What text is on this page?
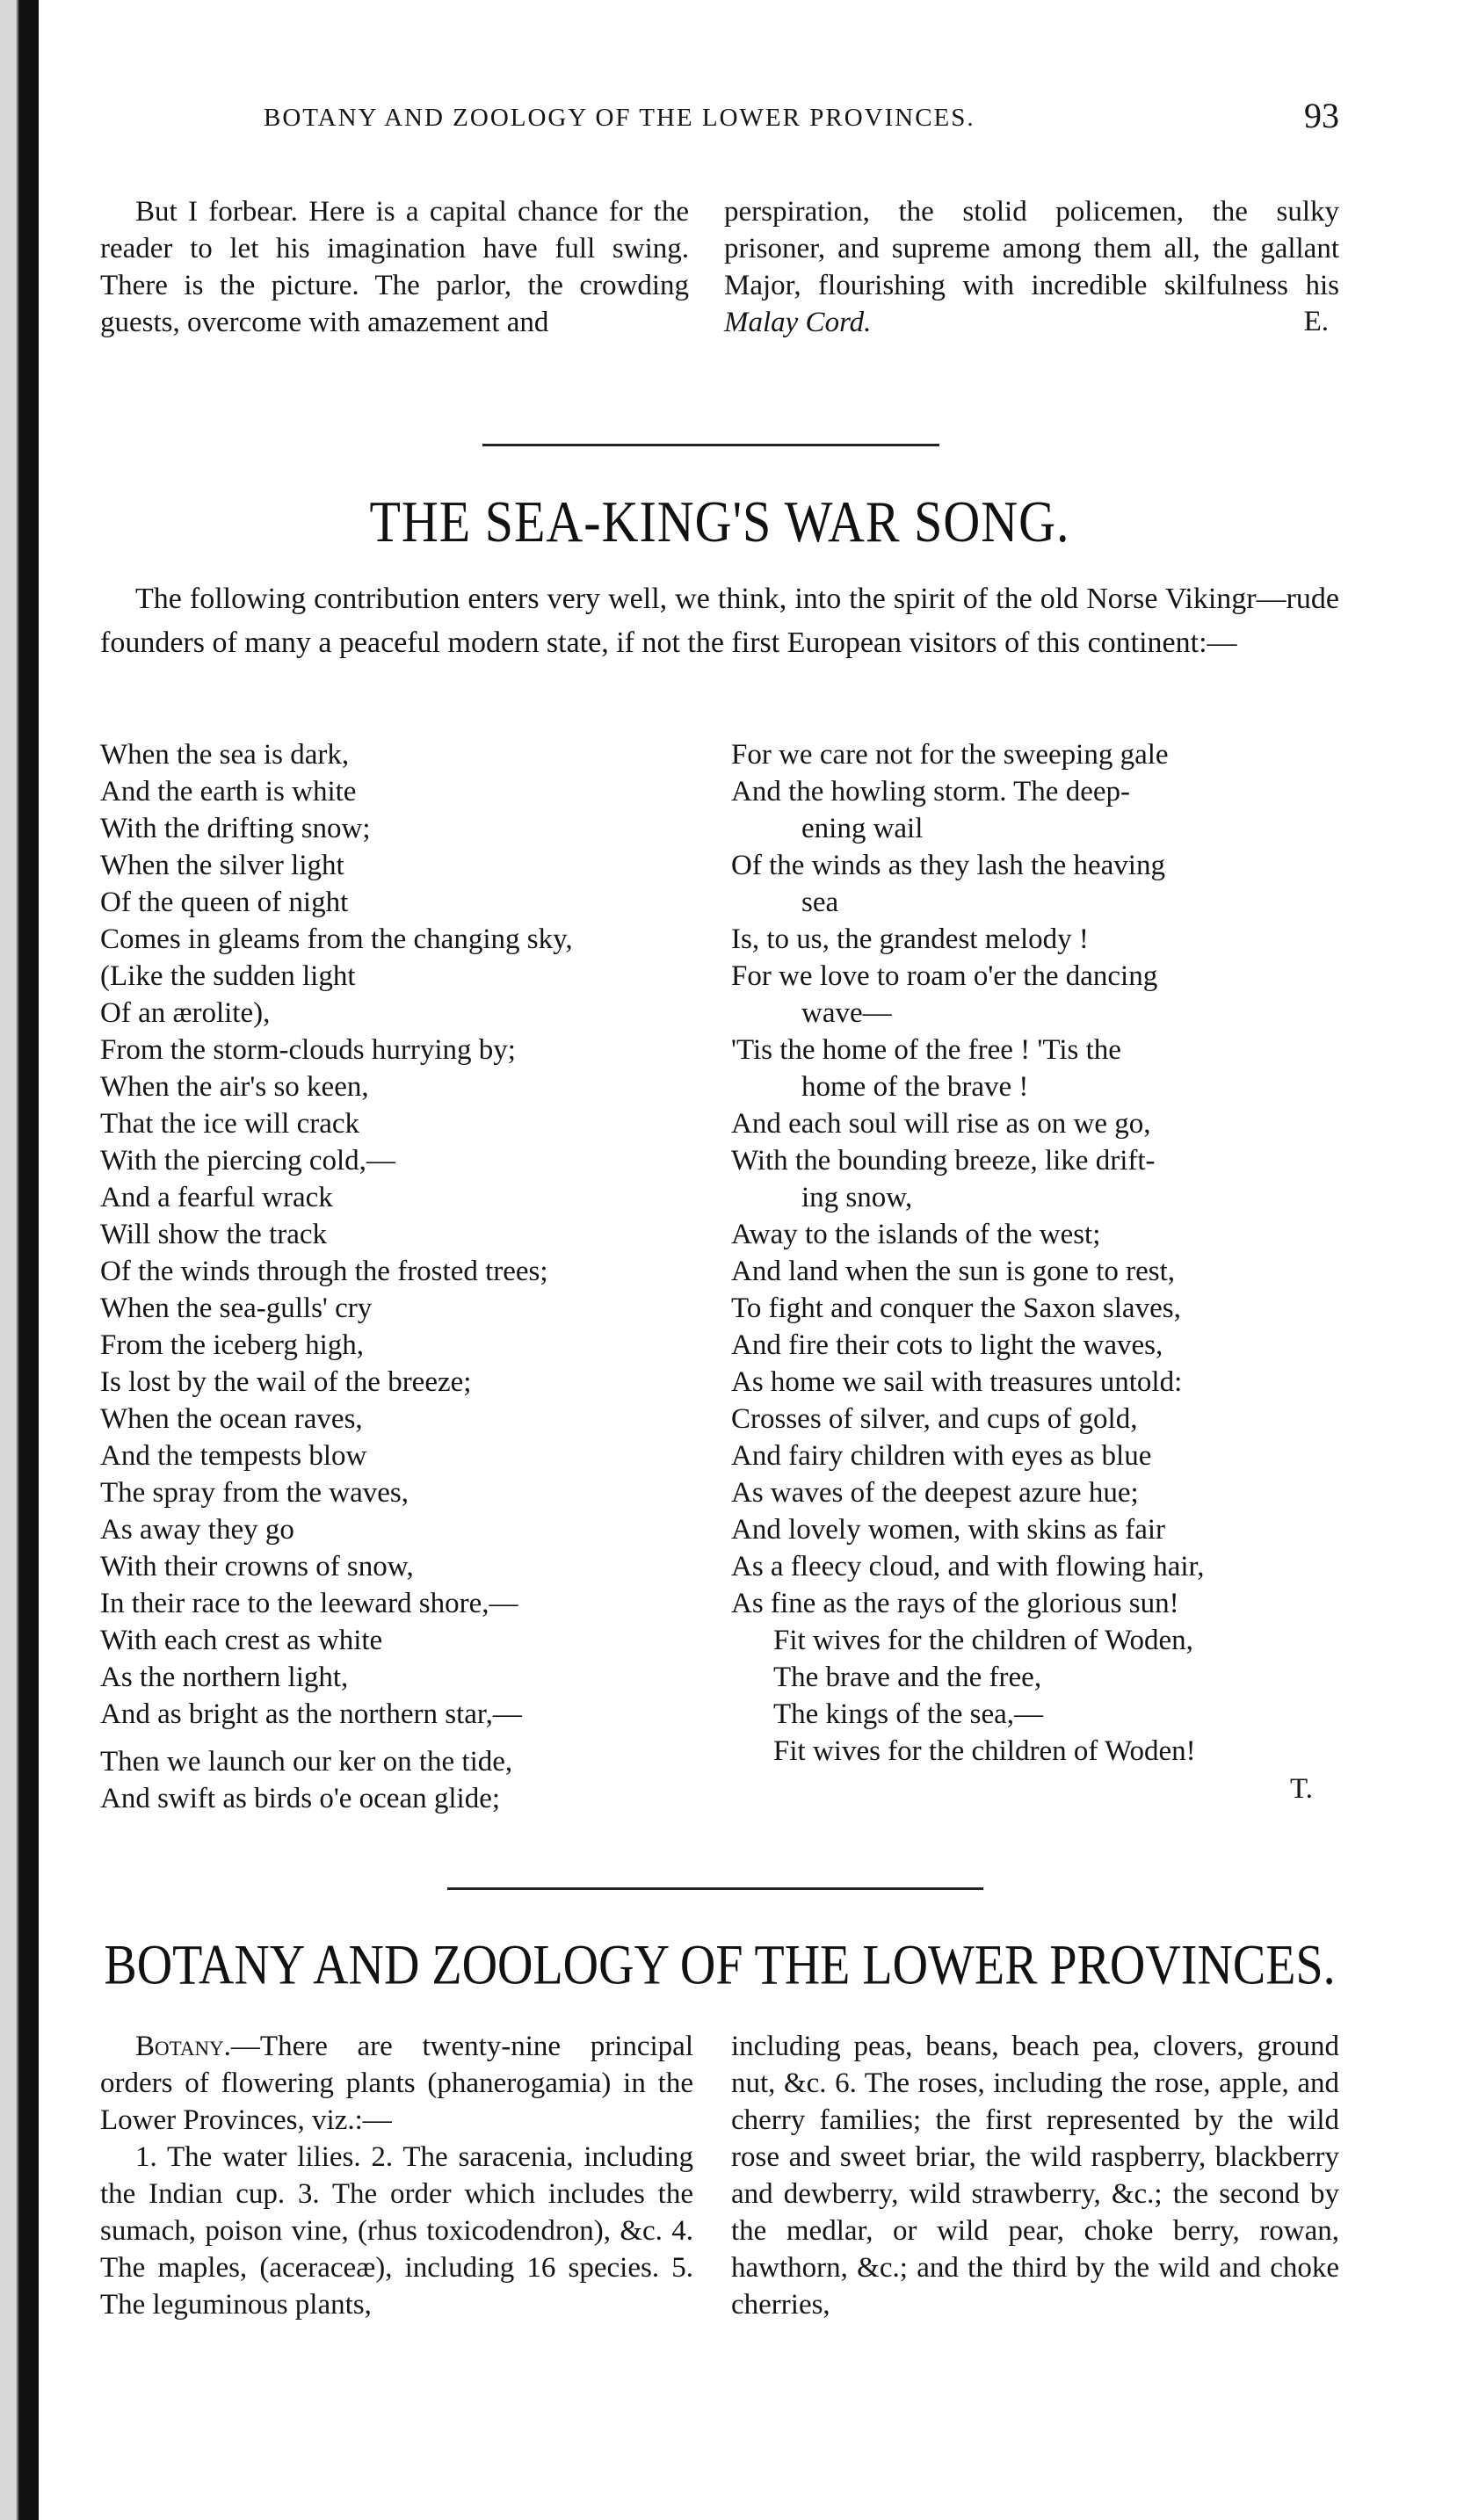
BOTANY AND ZOOLOGY OF THE LOWER PROVINCES.	93

But I forbear. Here is a capital chance for the reader to let his imagination have full swing. There is the picture. The parlor, the crowding guests, overcome with amazement and

perspiration, the stolid policemen, the sulky prisoner, and supreme among them all, the gallant Major, flourishing with incredible skilfulness his Malay Cord.	E.

THE SEA-KING'S WAR SONG.

The following contribution enters very well, we think, into the spirit of the old Norse Vikingr—rude founders of many a peaceful modern state, if not the first European visitors of this continent:—

When the sea is dark,
And the earth is white
With the drifting snow;
When the silver light
Of the queen of night
Comes in gleams from the changing sky,
(Like the sudden light
Of an ærolite),
From the storm-clouds hurrying by;
When the air's so keen,
That the ice will crack
With the piercing cold,—
And a fearful wrack
Will show the track
Of the winds through the frosted trees;
When the sea-gulls' cry
From the iceberg high,
Is lost by the wail of the breeze;
When the ocean raves,
And the tempests blow
The spray from the waves,
As away they go
With their crowns of snow,
In their race to the leeward shore,—
With each crest as white
As the northern light,
And as bright as the northern star,—
Then we launch our ker on the tide,
And swift as birds o'e ocean glide;
For we care not for the sweeping gale
And the howling storm. The deep-
ening wail
Of the winds as they lash the heaving
sea
Is, to us, the grandest melody !
For we love to roam o'er the dancing
wave—
'Tis the home of the free ! 'Tis the
home of the brave !
And each soul will rise as on we go,
With the bounding breeze, like drift-
ing snow,
Away to the islands of the west;
And land when the sun is gone to rest,
To fight and conquer the Saxon slaves,
And fire their cots to light the waves,
As home we sail with treasures untold:
Crosses of silver, and cups of gold,
And fairy children with eyes as blue
As waves of the deepest azure hue;
And lovely women, with skins as fair
As a fleecy cloud, and with flowing hair,
As fine as the rays of the glorious sun!
Fit wives for the children of Woden,
The brave and the free,
The kings of the sea,—
Fit wives for the children of Woden!

T.

BOTANY AND ZOOLOGY OF THE LOWER PROVINCES.

Botany.—There are twenty-nine principal orders of flowering plants (phanerogamia) in the Lower Provinces, viz.:—

1. The water lilies. 2. The saracenia, including the Indian cup. 3. The order which includes the sumach, poison vine, (rhus toxicodendron), &c. 4. The maples, (aceraceæ), including 16 species. 5. The leguminous plants,

including peas, beans, beach pea, clovers, ground nut, &c. 6. The roses, including the rose, apple, and cherry families; the first represented by the wild rose and sweet briar, the wild raspberry, blackberry and dewberry, wild strawberry, &c.; the second by the medlar, or wild pear, choke berry, rowan, hawthorn, &c.; and the third by the wild and choke cherries,
